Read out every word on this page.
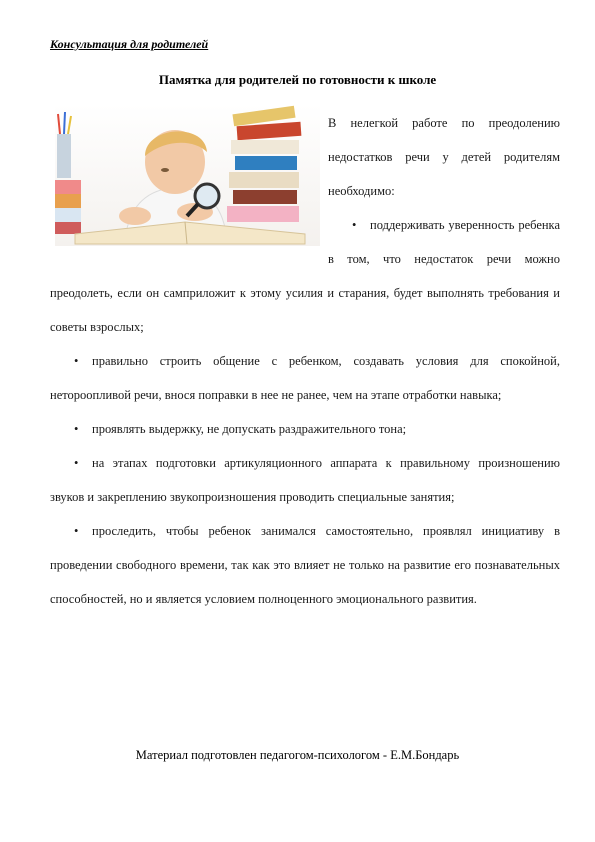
Консультация для родителей
Памятка для родителей по готовности к школе

В нелегкой работе по преодолению недостатков речи у детей родителям необходимо:

• поддерживать уверенность ребенка в том, что недостаток речи можно преодолеть, если он самприложит к этому усилия и старания, будет выполнять требования и советы взрослых;

• правильно строить общение с ребенком, создавать условия для спокойной, нетороопливой речи, внося поправки в нее не ранее, чем на этапе отработки навыка;

• проявлять выдержку, не допускать раздражительного тона;

• на этапах подготовки артикуляционного аппарата к правильному произношению звуков и закреплению звукопроизношения проводить специальные занятия;

• проследить, чтобы ребенок занимался самостоятельно, проявлял инициативу в проведении свободного времени, так как это влияет не только на развитие его познавательных способностей, но и является условием полноценного эмоционального развития.

Материал подготовлен педагогом-психологом - Е.М.Бондарь
